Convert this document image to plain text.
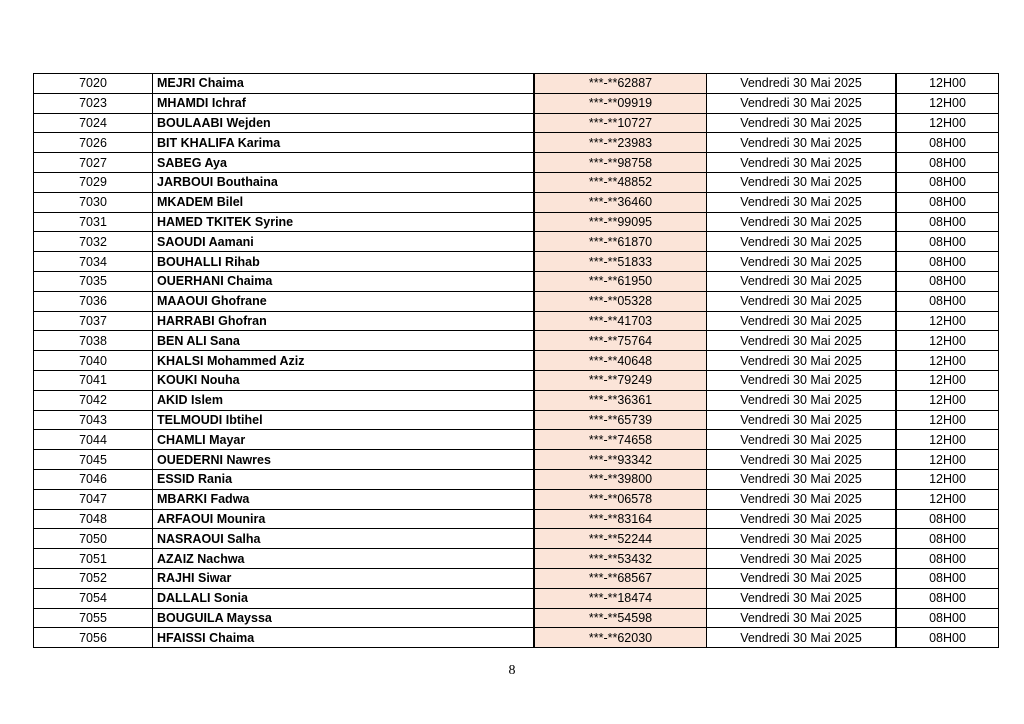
7020	MEJRI Chaima	***-**62887	Vendredi 30 Mai 2025	12H00
7023	MHAMDI Ichraf	***-**09919	Vendredi 30 Mai 2025	12H00
7024	BOULAABI Wejden	***-**10727	Vendredi 30 Mai 2025	12H00
7026	BIT KHALIFA Karima	***-**23983	Vendredi 30 Mai 2025	08H00
7027	SABEG Aya	***-**98758	Vendredi 30 Mai 2025	08H00
7029	JARBOUI Bouthaina	***-**48852	Vendredi 30 Mai 2025	08H00
7030	MKADEM Bilel	***-**36460	Vendredi 30 Mai 2025	08H00
7031	HAMED TKITEK Syrine	***-**99095	Vendredi 30 Mai 2025	08H00
7032	SAOUDI Aamani	***-**61870	Vendredi 30 Mai 2025	08H00
7034	BOUHALLI Rihab	***-**51833	Vendredi 30 Mai 2025	08H00
7035	OUERHANI Chaima	***-**61950	Vendredi 30 Mai 2025	08H00
7036	MAAOUI Ghofrane	***-**05328	Vendredi 30 Mai 2025	08H00
7037	HARRABI Ghofran	***-**41703	Vendredi 30 Mai 2025	12H00
7038	BEN ALI Sana	***-**75764	Vendredi 30 Mai 2025	12H00
7040	KHALSI Mohammed Aziz	***-**40648	Vendredi 30 Mai 2025	12H00
7041	KOUKI Nouha	***-**79249	Vendredi 30 Mai 2025	12H00
7042	AKID Islem	***-**36361	Vendredi 30 Mai 2025	12H00
7043	TELMOUDI Ibtihel	***-**65739	Vendredi 30 Mai 2025	12H00
7044	CHAMLI Mayar	***-**74658	Vendredi 30 Mai 2025	12H00
7045	OUEDERNI Nawres	***-**93342	Vendredi 30 Mai 2025	12H00
7046	ESSID Rania	***-**39800	Vendredi 30 Mai 2025	12H00
7047	MBARKI Fadwa	***-**06578	Vendredi 30 Mai 2025	12H00
7048	ARFAOUI Mounira	***-**83164	Vendredi 30 Mai 2025	08H00
7050	NASRAOUI Salha	***-**52244	Vendredi 30 Mai 2025	08H00
7051	AZAIZ Nachwa	***-**53432	Vendredi 30 Mai 2025	08H00
7052	RAJHI Siwar	***-**68567	Vendredi 30 Mai 2025	08H00
7054	DALLALI Sonia	***-**18474	Vendredi 30 Mai 2025	08H00
7055	BOUGUILA Mayssa	***-**54598	Vendredi 30 Mai 2025	08H00
7056	HFAISSI Chaima	***-**62030	Vendredi 30 Mai 2025	08H00
8
